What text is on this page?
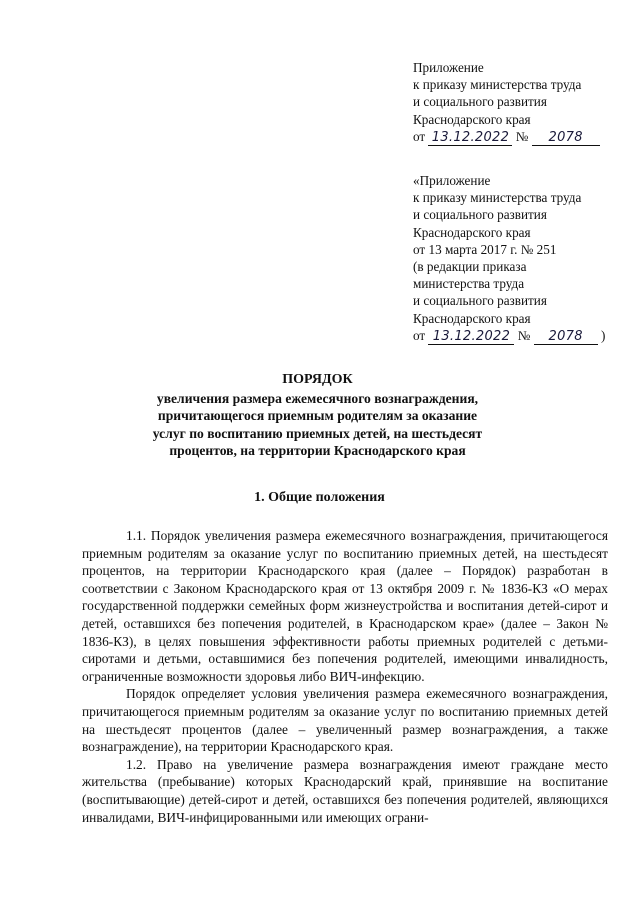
Приложение
к приказу министерства труда
и социального развития
Краснодарского края
от 13.12.2022 № 2078
«Приложение
к приказу министерства труда
и социального развития
Краснодарского края
от 13 марта 2017 г. № 251
(в редакции приказа
министерства труда
и социального развития
Краснодарского края
от 13.12.2022 № 2078 )
ПОРЯДОК
увеличения размера ежемесячного вознаграждения,
причитающегося приемным родителям за оказание
услуг по воспитанию приемных детей, на шестьдесят
процентов, на территории Краснодарского края
1. Общие положения

1.1. Порядок увеличения размера ежемесячного вознаграждения, причитающегося приемным родителям за оказание услуг по воспитанию приемных детей, на шестьдесят процентов, на территории Краснодарского края (далее – Порядок) разработан в соответствии с Законом Краснодарского края от 13 октября 2009 г. № 1836-КЗ «О мерах государственной поддержки семейных форм жизнеустройства и воспитания детей-сирот и детей, оставшихся без попечения родителей, в Краснодарском крае» (далее – Закон № 1836-КЗ), в целях повышения эффективности работы приемных родителей с детьми-сиротами и детьми, оставшимися без попечения родителей, имеющими инвалидность, ограниченные возможности здоровья либо ВИЧ-инфекцию.

Порядок определяет условия увеличения размера ежемесячного вознаграждения, причитающегося приемным родителям за оказание услуг по воспитанию приемных детей на шестьдесят процентов (далее – увеличенный размер вознаграждения, а также вознаграждение), на территории Краснодарского края.

1.2. Право на увеличение размера вознаграждения имеют граждане место жительства (пребывание) которых Краснодарский край, принявшие на воспитание (воспитывающие) детей-сирот и детей, оставшихся без попечения родителей, являющихся инвалидами, ВИЧ-инфицированными или имеющих ограни-
